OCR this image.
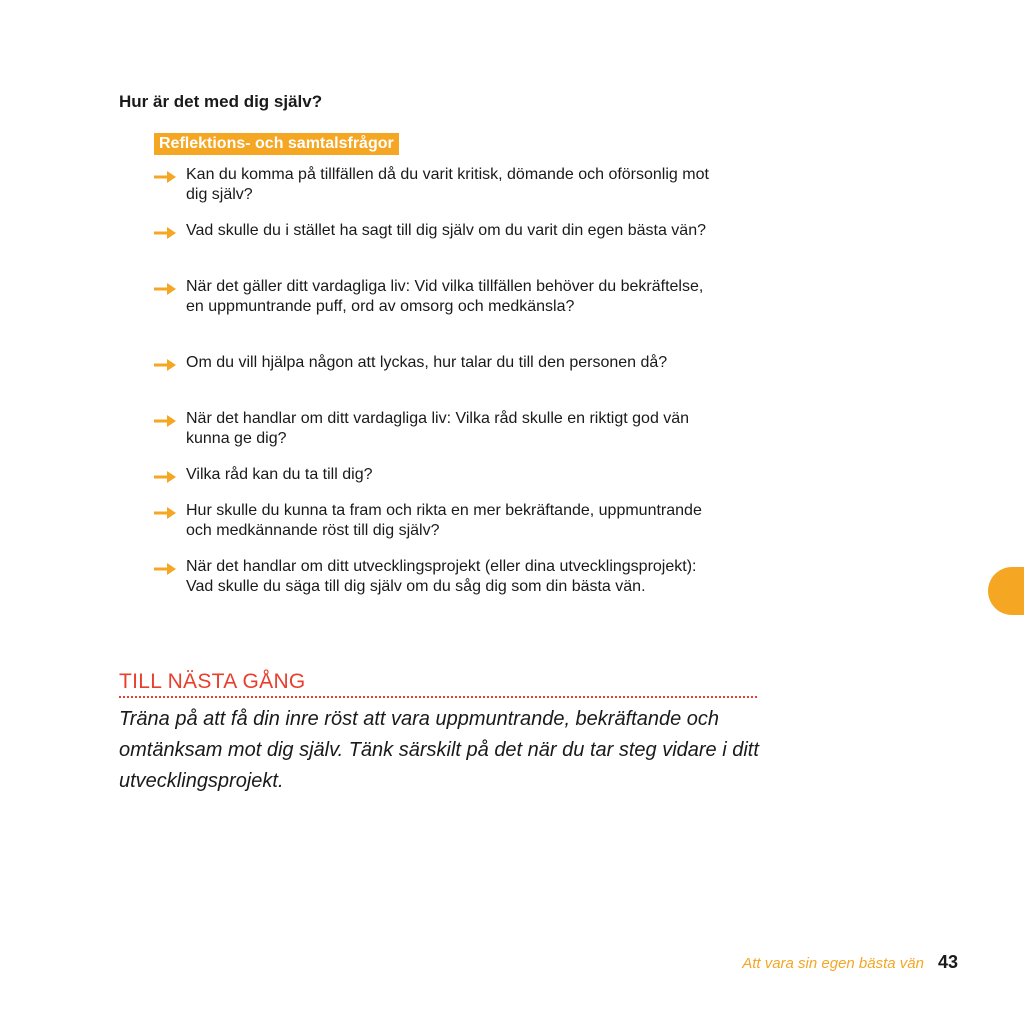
Hur är det med dig själv?
Reflektions- och samtalsfrågor
Kan du komma på tillfällen då du varit kritisk, dömande och oförsonlig mot dig själv?
Vad skulle du i stället ha sagt till dig själv om du varit din egen bästa vän?
När det gäller ditt vardagliga liv: Vid vilka tillfällen behöver du bekräftelse, en uppmuntrande puff, ord av omsorg och medkänsla?
Om du vill hjälpa någon att lyckas, hur talar du till den personen då?
När det handlar om ditt vardagliga liv: Vilka råd skulle en riktigt god vän kunna ge dig?
Vilka råd kan du ta till dig?
Hur skulle du kunna ta fram och rikta en mer bekräftande, uppmuntrande och medkännande röst till dig själv?
När det handlar om ditt utvecklingsprojekt (eller dina utvecklingsprojekt): Vad skulle du säga till dig själv om du såg dig som din bästa vän.
TILL NÄSTA GÅNG

Träna på att få din inre röst att vara uppmuntrande, bekräftande och omtänksam mot dig själv. Tänk särskilt på det när du tar steg vidare i ditt utvecklingsprojekt.

Att vara sin egen bästa vän 43
